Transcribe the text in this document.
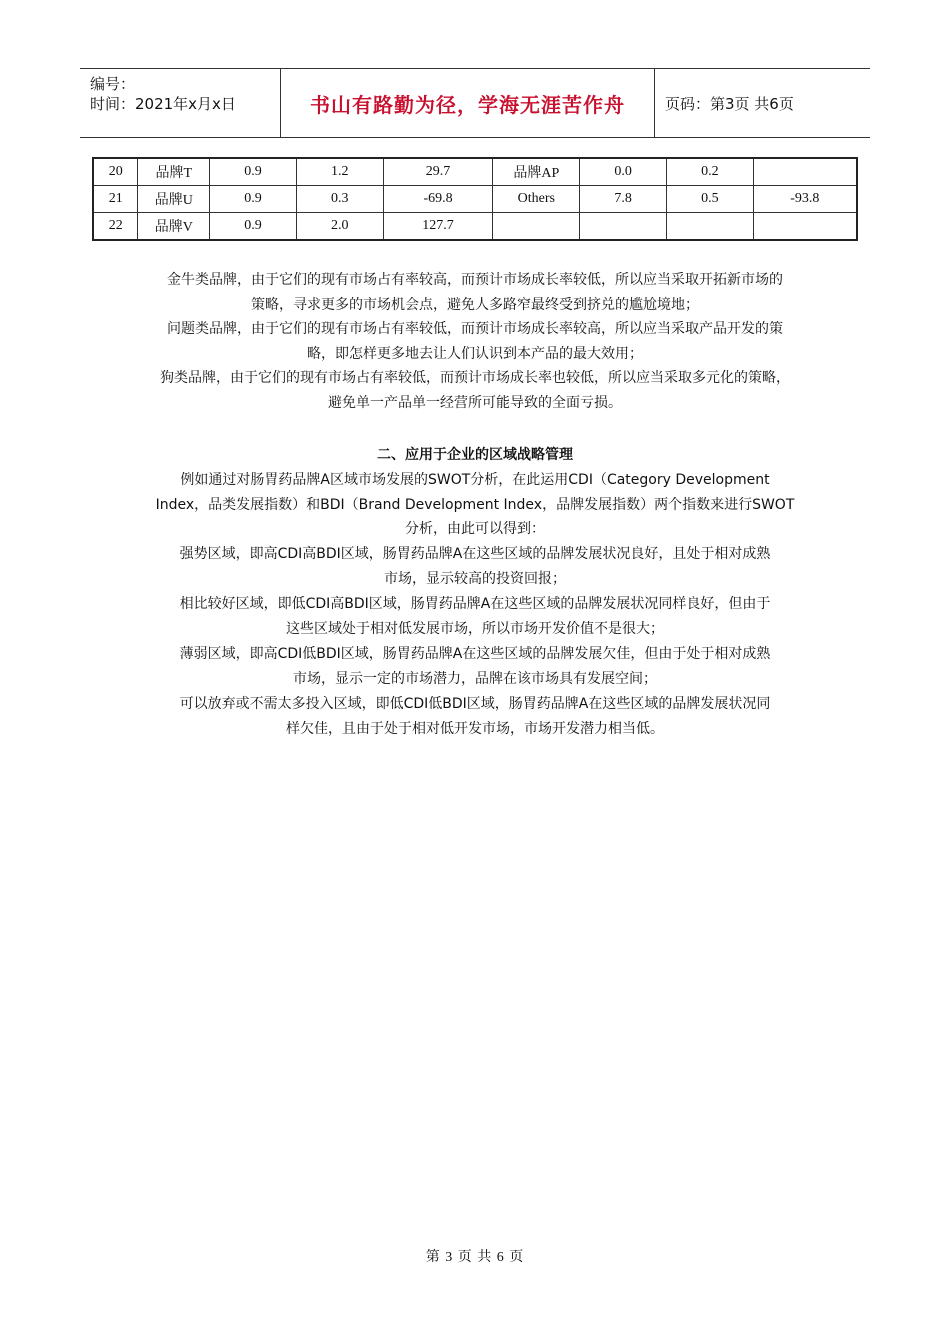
编号：
时间：2021年x月x日	书山有路勤为径，学海无涯苦作舟	页码：第3页 共6页
20	品牌T	0.9	1.2	29.7	品牌AP	0.0	0.2	
21	品牌U	0.9	0.3	-69.8	Others	7.8	0.5	-93.8
22	品牌V	0.9	2.0	127.7				
金牛类品牌，由于它们的现有市场占有率较高，而预计市场成长率较低，所以应当采取开拓新市场的
策略，寻求更多的市场机会点，避免人多路窄最终受到挤兑的尴尬境地；
问题类品牌，由于它们的现有市场占有率较低，而预计市场成长率较高，所以应当采取产品开发的策
略，即怎样更多地去让人们认识到本产品的最大效用；
狗类品牌，由于它们的现有市场占有率较低，而预计市场成长率也较低，所以应当采取多元化的策略，
避免单一产品单一经营所可能导致的全面亏损。
二、应用于企业的区域战略管理
例如通过对肠胃药品牌A区域市场发展的SWOT分析，在此运用CDI（Category Development
Index，品类发展指数）和BDI（Brand Development Index，品牌发展指数）两个指数来进行SWOT
分析，由此可以得到：
强势区域，即高CDI高BDI区域，肠胃药品牌A在这些区域的品牌发展状况良好，且处于相对成熟
市场，显示较高的投资回报；
相比较好区域，即低CDI高BDI区域，肠胃药品牌A在这些区域的品牌发展状况同样良好，但由于
这些区域处于相对低发展市场，所以市场开发价值不是很大；
薄弱区域，即高CDI低BDI区域，肠胃药品牌A在这些区域的品牌发展欠佳，但由于处于相对成熟
市场，显示一定的市场潜力，品牌在该市场具有发展空间；
可以放弃或不需太多投入区域，即低CDI低BDI区域，肠胃药品牌A在这些区域的品牌发展状况同
样欠佳，且由于处于相对低开发市场，市场开发潜力相当低。
第 3 页 共 6 页
